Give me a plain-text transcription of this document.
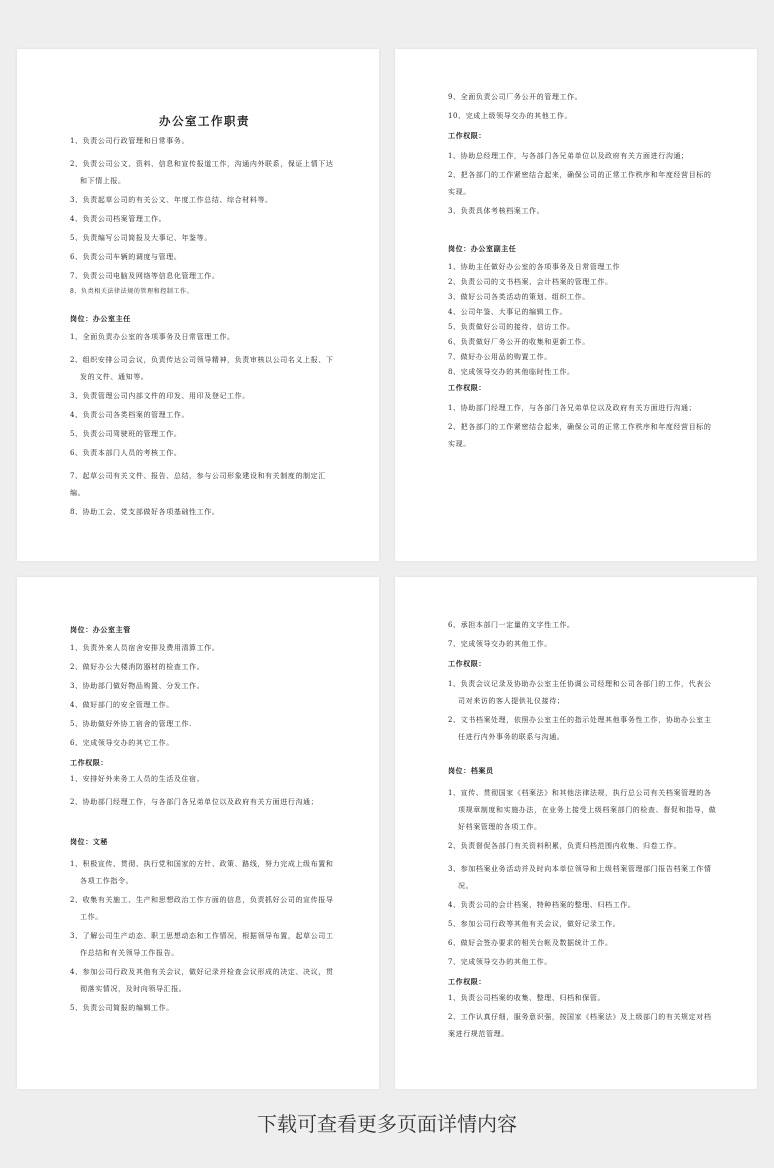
办公室工作职责
1、负责公司行政管理和日常事务。
2、负责公司公文、资料、信息和宣传报道工作，沟通内外联系，保证上情下达和下情上报。
3、负责起草公司的有关公文、年度工作总结、综合材料等。
4、负责公司档案管理工作。
5、负责编写公司简报及大事记、年鉴等。
6、负责公司车辆的调度与管理。
7、负责公司电脑及网络等信息化管理工作。
8、负责相关法律法规的管理和控制工作。
岗位：办公室主任
1、全面负责办公室的各项事务及日常管理工作。
2、组织安排公司会议，负责传达公司领导精神，负责审核以公司名义上报、下发的文件、通知等。
3、负责管理公司内部文件的印发、用印及登记工作。
4、负责公司各类档案的管理工作。
5、负责公司驾驶班的管理工作。
6、负责本部门人员的考核工作。
7、起草公司有关文件、报告、总结，参与公司形象建设和有关制度的制定汇编。
8、协助工会、党支部做好各项基础性工作。
9、全面负责公司厂务公开的管理工作。
10、完成上级领导交办的其他工作。
工作权限：
1、协助总经理工作，与各部门各兄弟单位以及政府有关方面进行沟通；
2、把各部门的工作紧密结合起来，确保公司的正常工作秩序和年度经营目标的实现。
3、负责具体考核档案工作。
岗位：办公室副主任
1、协助主任做好办公室的各项事务及日常管理工作
2、负责公司的文书档案、会计档案的管理工作。
3、做好公司各类活动的策划、组织工作。
4、公司年鉴、大事记的编辑工作。
5、负责做好公司的接待、信访工作。
6、负责做好厂务公开的收集和更新工作。
7、做好办公用品的购置工作。
8、完成领导交办的其他临时性工作。
工作权限：
1、协助部门经理工作，与各部门各兄弟单位以及政府有关方面进行沟通；
2、把各部门的工作紧密结合起来，确保公司的正常工作秩序和年度经营目标的实现。
岗位：办公室主管
1、负责外来人员宿舍安排及费用清算工作。
2、做好办公大楼消防器材的检查工作。
3、协助部门做好物品购置、分发工作。
4、做好部门的安全管理工作。
5、协助做好外协工宿舍的管理工作.
6、完成领导交办的其它工作。
工作权限：
1、安排好外来务工人员的生活及住宿。
2、协助部门经理工作，与各部门各兄弟单位以及政府有关方面进行沟通；
岗位：文秘
1、积极宣传、贯彻、执行党和国家的方针、政策、路线，努力完成上级布置和各项工作指令。
2、收集有关施工、生产和思想政治工作方面的信息，负责抓好公司的宣传报导工作。
3、了解公司生产动态、职工思想动态和工作情况，根据领导布置，起草公司工作总结和有关领导工作报告。
4、参加公司行政及其他有关会议，做好记录并检查会议形成的决定、决议，贯彻落实情况，及时向领导汇报。
5、负责公司简报的编辑工作。
6、承担本部门一定量的文字性工作。
7、完成领导交办的其他工作。
工作权限：
1、负责会议记录及协助办公室主任协调公司经理和公司各部门的工作，代表公司对来访的客人提供礼仪接待；
2、文书档案处理，依照办公室主任的指示处理其他事务性工作，协助办公室主任进行内外事务的联系与沟通。
岗位：档案员
1、宣传、贯彻国家《档案法》和其他法律法规，执行总公司有关档案管理的各项规章制度和实施办法，在业务上接受上级档案部门的检查、督促和指导，做好档案管理的各项工作。
2、负责督促各部门有关资料积累，负责归档范围内收集、归卷工作。
3、参加档案业务活动并及时向本单位领导和上级档案管理部门报告档案工作情况。
4、负责公司的会计档案、特种档案的整理、归档工作。
5、参加公司行政等其他有关会议，做好记录工作。
6、做好会签办要求的相关台帐及数据统计工作。
7、完成领导交办的其他工作。
工作权限：
1、负责公司档案的收集、整理、归档和保管。
2、工作认真仔细，服务意识强，按国家《档案法》及上级部门的有关规定对档案进行规范管理。
下载可查看更多页面详情内容
